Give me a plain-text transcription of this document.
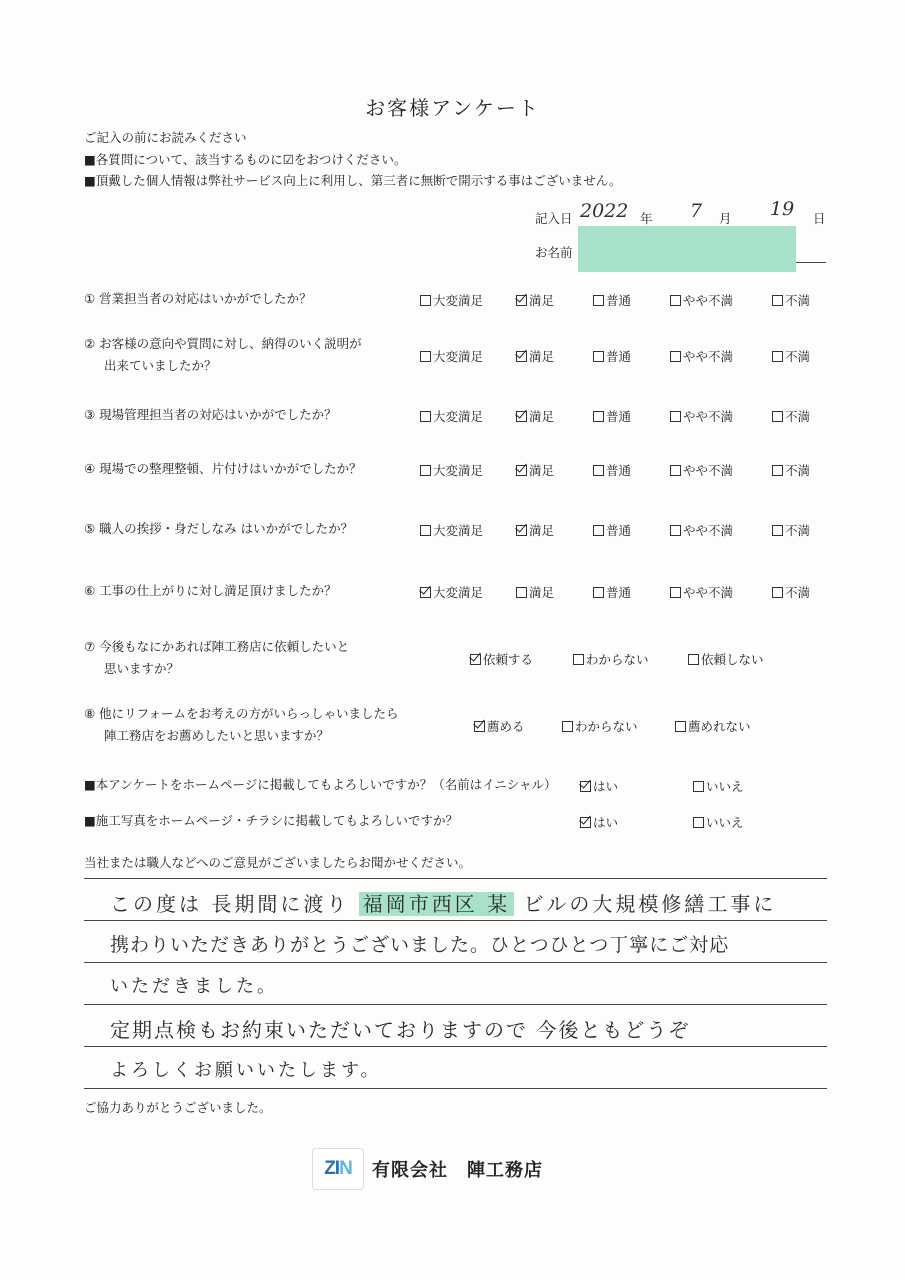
お客様アンケート
ご記入の前にお読みください
■各質問について、該当するものに☑をおつけください。
■頂戴した個人情報は弊社サービス向上に利用し、第三者に無断で開示する事はございません。
記入日 2022 年 7 月 19 日
お名前
① 営業担当者の対応はいかがでしたか？	大変満足	満足	普通	やや不満	不満
② お客様の意向や質問に対し、納得のいく説明が
出来ていましたか？
大変満足	満足	普通	やや不満	不満
③ 現場管理担当者の対応はいかがでしたか？	大変満足	満足	普通	やや不満	不満
④ 現場での整理整頓、片付けはいかがでしたか？	大変満足	満足	普通	やや不満	不満
⑤ 職人の挨拶・身だしなみ はいかがでしたか？	大変満足	満足	普通	やや不満	不満
⑥ 工事の仕上がりに対し満足頂けましたか？	大変満足	満足	普通	やや不満	不満
⑦ 今後もなにかあれば陣工務店に依頼したいと
思いますか？
依頼する	わからない	依頼しない
⑧ 他にリフォームをお考えの方がいらっしゃいましたら
陣工務店をお薦めしたいと思いますか？
薦める	わからない	薦めれない
■本アンケートをホームページに掲載してもよろしいですか？（名前はイニシャル）	はい	いいえ
■施工写真をホームページ・チラシに掲載してもよろしいですか？	はい	いいえ
当社または職人などへのご意見がございましたらお聞かせください。
この度は 長期間に渡り 福岡市西区 某 ビルの大規模修繕工事に
携わりいただきありがとうございました。ひとつひとつ丁寧にご対応
いただきました。
定期点検もお約束いただいておりますので 今後ともどうぞ
よろしくお願いいたします。
ご協力ありがとうございました。
ZIN 有限会社　陣工務店
